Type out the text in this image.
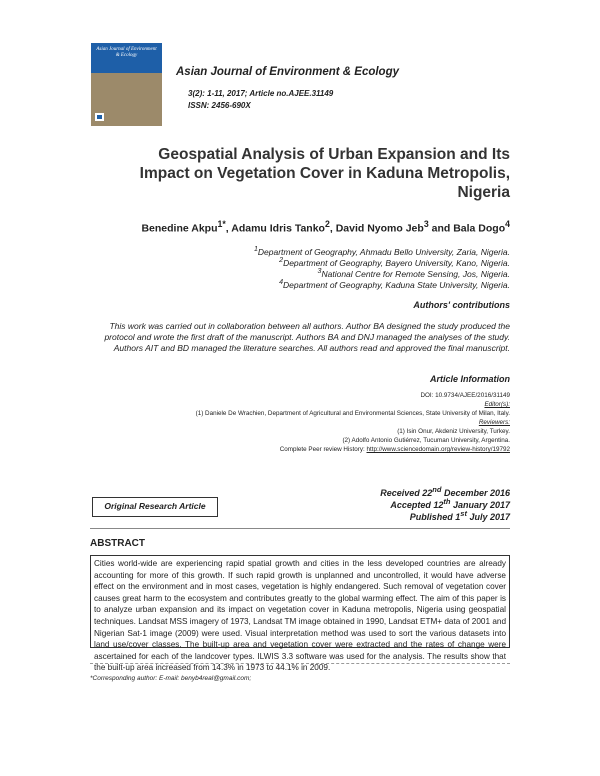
Asian Journal of Environment & Ecology
Asian Journal of Environment & Ecology
3(2): 1-11, 2017; Article no.AJEE.31149
ISSN: 2456-690X
Geospatial Analysis of Urban Expansion and Its
Impact on Vegetation Cover in Kaduna Metropolis,
Nigeria
Benedine Akpu$^{1*}$, Adamu Idris Tanko$^2$, David Nyomo Jeb$^3$ and Bala Dogo$^4$
$^1$Department of Geography, Ahmadu Bello University, Zaria, Nigeria.
$^2$Department of Geography, Bayero University, Kano, Nigeria.
$^3$National Centre for Remote Sensing, Jos, Nigeria.
$^4$Department of Geography, Kaduna State University, Nigeria.
Authors' contributions
This work was carried out in collaboration between all authors. Author BA designed the study produced the protocol and wrote the first draft of the manuscript. Authors BA and DNJ managed the analyses of the study. Authors AIT and BD managed the literature searches. All authors read and approved the final manuscript.
Article Information
DOI: 10.9734/AJEE/2016/31149
Editor(s):
(1) Daniele De Wrachien, Department of Agricultural and Environmental Sciences, State University of Milan, Italy.
Reviewers:
(1) Isin Onur, Akdeniz University, Turkey.
(2) Adolfo Antonio Gutiérrez, Tucuman University, Argentina.
Complete Peer review History: http://www.sciencedomain.org/review-history/19792
Original Research Article
Received 22nd December 2016
Accepted 12th January 2017
Published 1st July 2017
ABSTRACT
Cities world-wide are experiencing rapid spatial growth and cities in the less developed countries are already accounting for more of this growth. If such rapid growth is unplanned and uncontrolled, it would have adverse effect on the environment and in most cases, vegetation is highly endangered. Such removal of vegetation cover causes great harm to the ecosystem and contributes greatly to the global warming effect. The aim of this paper is to analyze urban expansion and its impact on vegetation cover in Kaduna metropolis, Nigeria using geospatial techniques. Landsat MSS imagery of 1973, Landsat TM image obtained in 1990, Landsat ETM+ data of 2001 and Nigerian Sat-1 image (2009) were used. Visual interpretation method was used to sort the various datasets into land use/cover classes. The built-up area and vegetation cover were extracted and the rates of change were ascertained for each of the landcover types. ILWIS 3.3 software was used for the analysis. The results show that the built-up area increased from 14.3% in 1973 to 44.1% in 2009.
*Corresponding author: E-mail: benyb4real@gmail.com;
